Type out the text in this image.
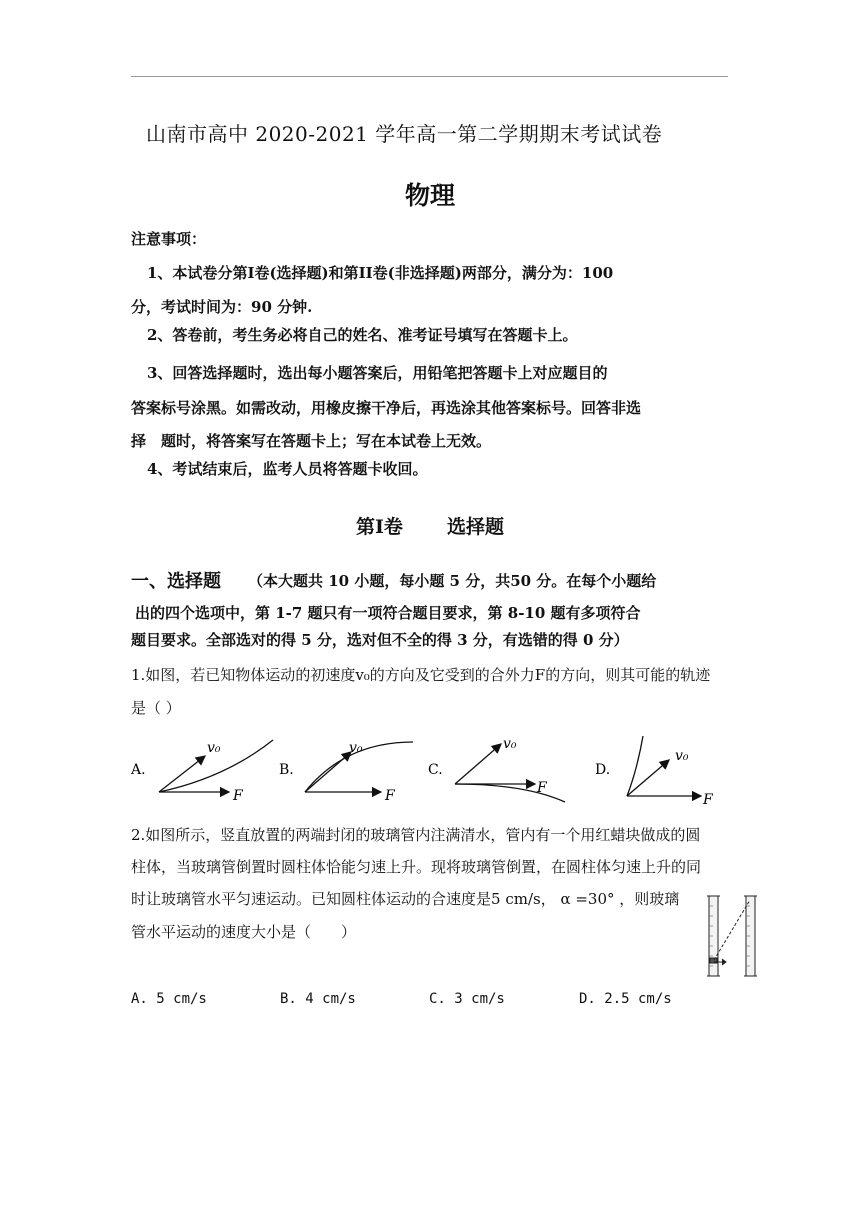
山南市高中 2020-2021 学年高一第二学期期末考试试卷
物理
注意事项：
1、本试卷分第Ⅰ卷(选择题)和第II卷(非选择题)两部分，满分为：100
分，考试时间为：90 分钟.
2、答卷前，考生务必将自己的姓名、准考证号填写在答题卡上。
3、回答选择题时，选出每小题答案后，用铅笔把答题卡上对应题目的
答案标号涂黑。如需改动，用橡皮擦干净后，再选涂其他答案标号。回答非选
择　题时，将答案写在答题卡上；写在本试卷上无效。
4、考试结束后，监考人员将答题卡收回。
第Ⅰ卷 选择题
一、选择题 （本大题共 10 小题，每小题 5 分，共50 分。在每个小题给
出的四个选项中，第 1-7 题只有一项符合题目要求，第 8-10 题有多项符合
题目要求。全部选对的得 5 分，选对但不全的得 3 分，有选错的得 0 分）
1.如图，若已知物体运动的初速度v₀的方向及它受到的合外力F的方向，则其可能的轨迹
是（ ）
A.
v₀
F
B.
v₀
F
C.
v₀
F
D.
v₀
F
2.如图所示，竖直放置的两端封闭的玻璃管内注满清水，管内有一个用红蜡块做成的圆
柱体，当玻璃管倒置时圆柱体恰能匀速上升。现将玻璃管倒置，在圆柱体匀速上升的同
时让玻璃管水平匀速运动。已知圆柱体运动的合速度是5 cm/s， α =30° ，则玻璃
管水平运动的速度大小是（　　）
A. 5 cm/s	B. 4 cm/s	C. 3 cm/s	D. 2.5 cm/s
